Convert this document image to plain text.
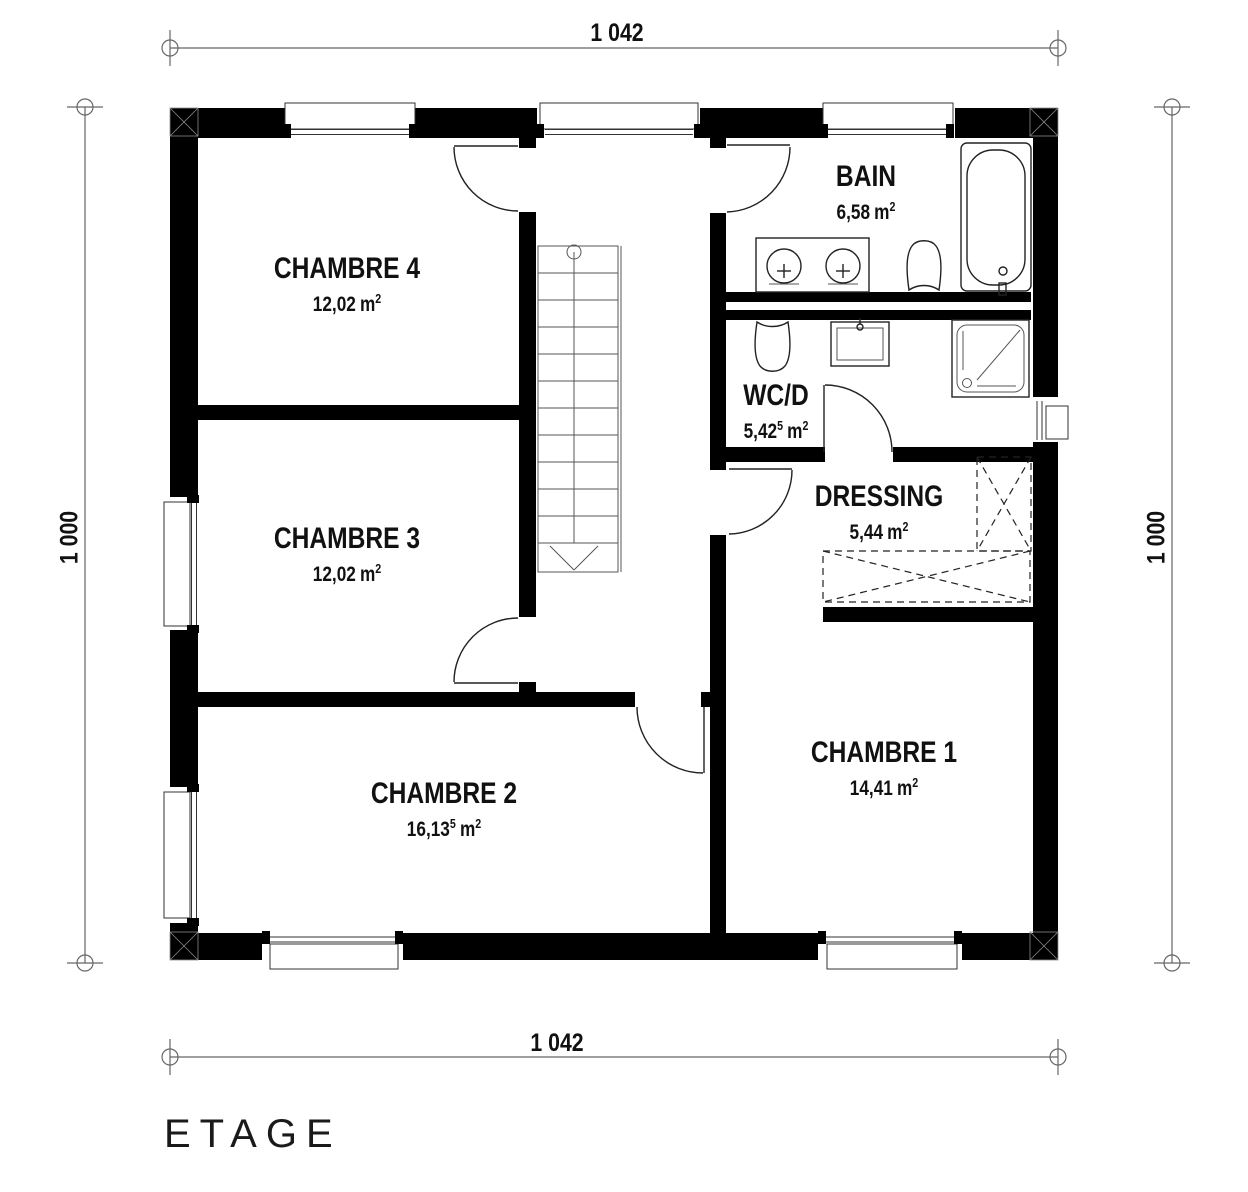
1 042
1 042
1 000	1 000
CHAMBRE 4
12,02 $m^2$
CHAMBRE 3
12,02 $m^2$
CHAMBRE 2
16,13$^5$ $m^2$
CHAMBRE 1
14,41 $m^2$
BAIN
6,58 $m^2$
WC/D
5,42$^5$ $m^2$
DRESSING
5,44 $m^2$
ETAGE
